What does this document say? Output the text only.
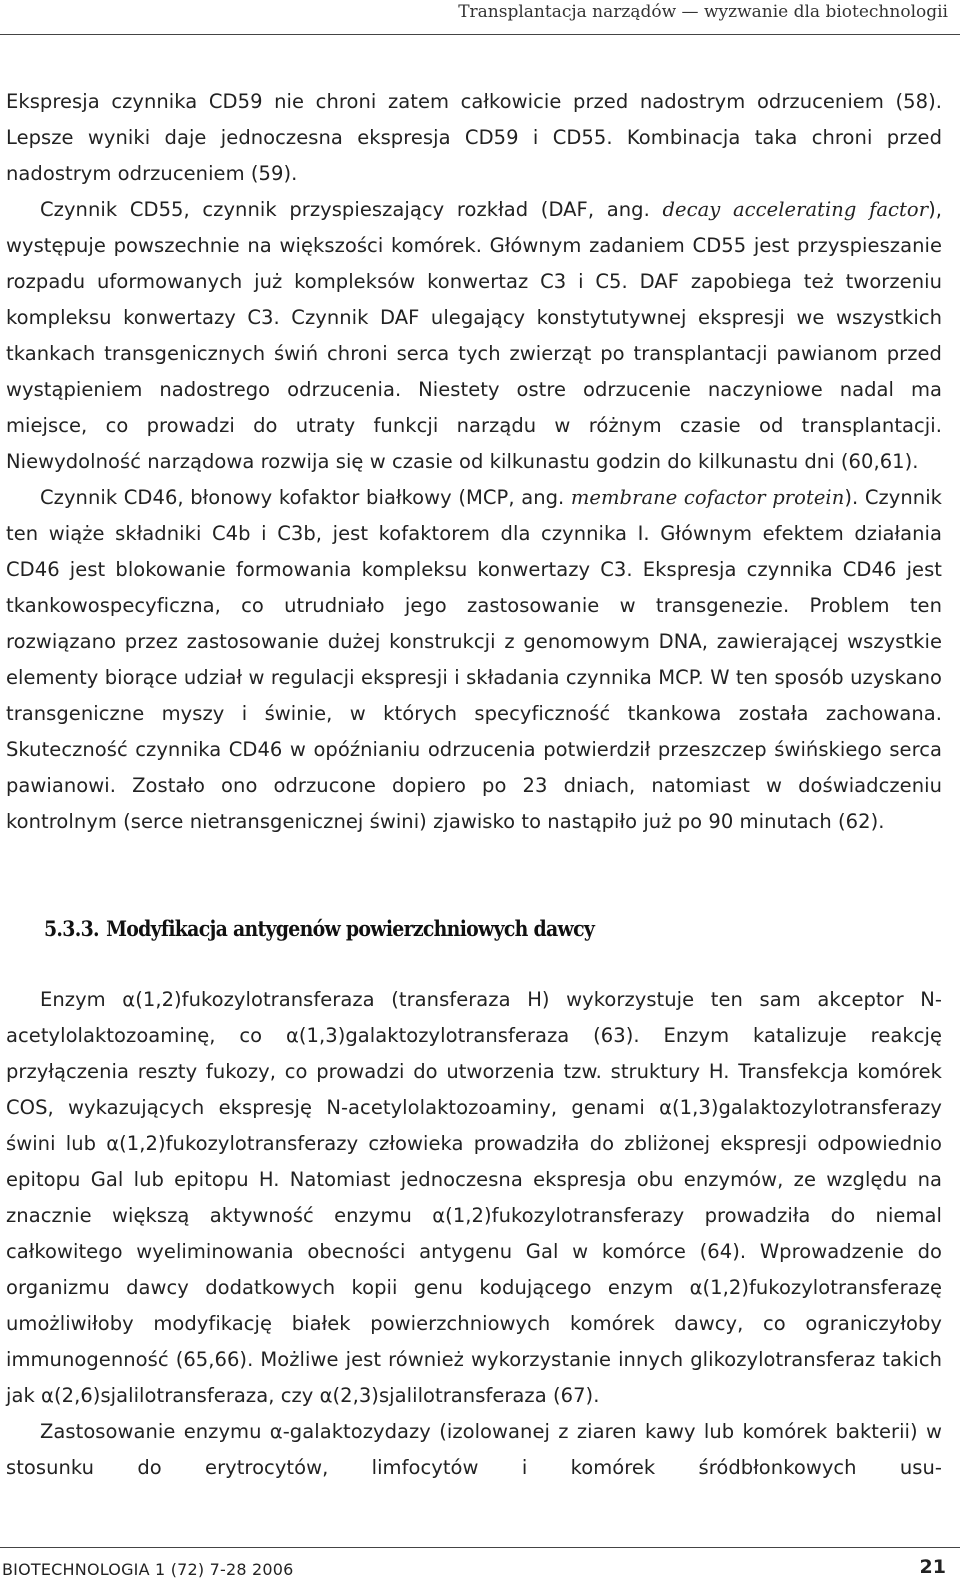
Transplantacja narządów — wyzwanie dla biotechnologii

Ekspresja czynnika CD59 nie chroni zatem całkowicie przed nadostrym odrzuceniem (58). Lepsze wyniki daje jednoczesna ekspresja CD59 i CD55. Kombinacja taka chroni przed nadostrym odrzuceniem (59).

Czynnik CD55, czynnik przyspieszający rozkład (DAF, ang. decay accelerating factor), występuje powszechnie na większości komórek. Głównym zadaniem CD55 jest przyspieszanie rozpadu uformowanych już kompleksów konwertaz C3 i C5. DAF zapobiega też tworzeniu kompleksu konwertazy C3. Czynnik DAF ulegający konstytutywnej ekspresji we wszystkich tkankach transgenicznych świń chroni serca tych zwierząt po transplantacji pawianom przed wystąpieniem nadostrego odrzucenia. Niestety ostre odrzucenie naczyniowe nadal ma miejsce, co prowadzi do utraty funkcji narządu w różnym czasie od transplantacji. Niewydolność narządowa rozwija się w czasie od kilkunastu godzin do kilkunastu dni (60,61).

Czynnik CD46, błonowy kofaktor białkowy (MCP, ang. membrane cofactor protein). Czynnik ten wiąże składniki C4b i C3b, jest kofaktorem dla czynnika I. Głównym efektem działania CD46 jest blokowanie formowania kompleksu konwertazy C3. Ekspresja czynnika CD46 jest tkankowospecyficzna, co utrudniało jego zastosowanie w transgenezie. Problem ten rozwiązano przez zastosowanie dużej konstrukcji z genomowym DNA, zawierającej wszystkie elementy biorące udział w regulacji ekspresji i składania czynnika MCP. W ten sposób uzyskano transgeniczne myszy i świnie, w których specyficzność tkankowa została zachowana. Skuteczność czynnika CD46 w opóźnianiu odrzucenia potwierdził przeszczep świńskiego serca pawianowi. Zostało ono odrzucone dopiero po 23 dniach, natomiast w doświadczeniu kontrolnym (serce nietransgenicznej świni) zjawisko to nastąpiło już po 90 minutach (62).

5.3.3. Modyfikacja antygenów powierzchniowych dawcy

Enzym α(1,2)fukozylotransferaza (transferaza H) wykorzystuje ten sam akceptor N-acetylolaktozoaminę, co α(1,3)galaktozylotransferaza (63). Enzym katalizuje reakcję przyłączenia reszty fukozy, co prowadzi do utworzenia tzw. struktury H. Transfekcja komórek COS, wykazujących ekspresję N-acetylolaktozoaminy, genami α(1,3)galaktozylotransferazy świni lub α(1,2)fukozylotransferazy człowieka prowadziła do zbliżonej ekspresji odpowiednio epitopu Gal lub epitopu H. Natomiast jednoczesna ekspresja obu enzymów, ze względu na znacznie większą aktywność enzymu α(1,2)fukozylotransferazy prowadziła do niemal całkowitego wyeliminowania obecności antygenu Gal w komórce (64). Wprowadzenie do organizmu dawcy dodatkowych kopii genu kodującego enzym α(1,2)fukozylotransferazę umożliwiłoby modyfikację białek powierzchniowych komórek dawcy, co ograniczyłoby immunogenność (65,66). Możliwe jest również wykorzystanie innych glikozylotransferaz takich jak α(2,6)sjalilotransferaza, czy α(2,3)sjalilotransferaza (67).

Zastosowanie enzymu α-galaktozydazy (izolowanej z ziaren kawy lub komórek bakterii) w stosunku do erytrocytów, limfocytów i komórek śródbłonkowych usu-

BIOTECHNOLOGIA 1 (72) 7-28 2006	21
